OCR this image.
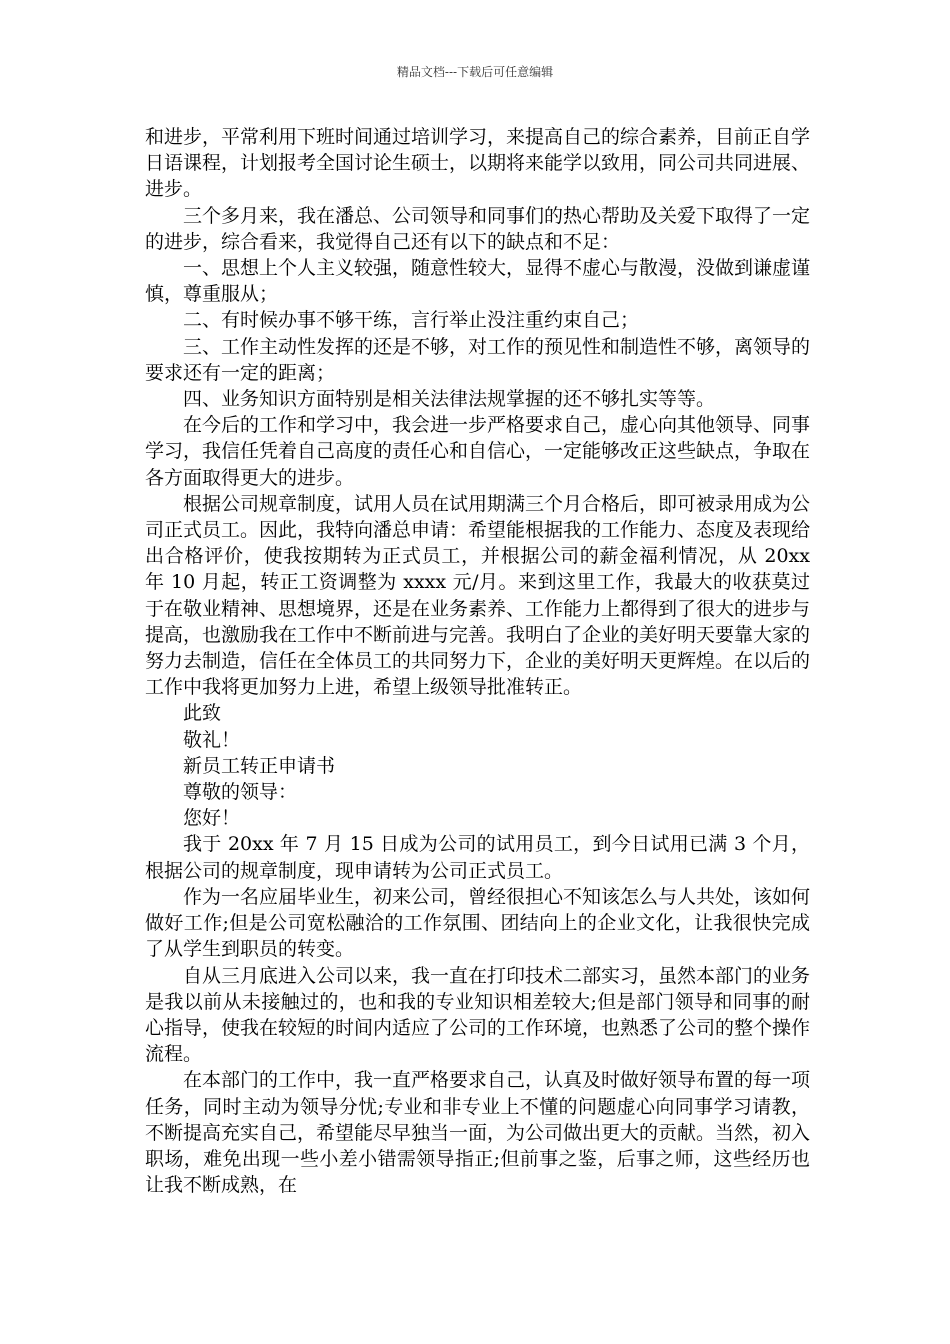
精品文档---下载后可任意编辑

和进步，平常利用下班时间通过培训学习，来提高自己的综合素养，目前正自学日语课程，计划报考全国讨论生硕士，以期将来能学以致用，同公司共同进展、进步。

三个多月来，我在潘总、公司领导和同事们的热心帮助及关爱下取得了一定的进步，综合看来，我觉得自己还有以下的缺点和不足：

一、思想上个人主义较强，随意性较大，显得不虚心与散漫，没做到谦虚谨慎，尊重服从；

二、有时候办事不够干练，言行举止没注重约束自己；

三、工作主动性发挥的还是不够，对工作的预见性和制造性不够，离领导的要求还有一定的距离；

四、业务知识方面特别是相关法律法规掌握的还不够扎实等等。

在今后的工作和学习中，我会进一步严格要求自己，虚心向其他领导、同事学习，我信任凭着自己高度的责任心和自信心，一定能够改正这些缺点，争取在各方面取得更大的进步。

根据公司规章制度，试用人员在试用期满三个月合格后，即可被录用成为公司正式员工。因此，我特向潘总申请：希望能根据我的工作能力、态度及表现给出合格评价，使我按期转为正式员工，并根据公司的薪金福利情况，从 20xx 年 10 月起，转正工资调整为 xxxx 元/月。来到这里工作，我最大的收获莫过于在敬业精神、思想境界，还是在业务素养、工作能力上都得到了很大的进步与提高，也激励我在工作中不断前进与完善。我明白了企业的美好明天要靠大家的努力去制造，信任在全体员工的共同努力下，企业的美好明天更辉煌。在以后的工作中我将更加努力上进，希望上级领导批准转正。

此致

敬礼！

新员工转正申请书

尊敬的领导：

您好！

我于 20xx 年 7 月 15 日成为公司的试用员工，到今日试用已满 3 个月，根据公司的规章制度，现申请转为公司正式员工。

作为一名应届毕业生，初来公司，曾经很担心不知该怎么与人共处，该如何做好工作;但是公司宽松融洽的工作氛围、团结向上的企业文化，让我很快完成了从学生到职员的转变。

自从三月底进入公司以来，我一直在打印技术二部实习，虽然本部门的业务是我以前从未接触过的，也和我的专业知识相差较大;但是部门领导和同事的耐心指导，使我在较短的时间内适应了公司的工作环境，也熟悉了公司的整个操作流程。

在本部门的工作中，我一直严格要求自己，认真及时做好领导布置的每一项任务，同时主动为领导分忧;专业和非专业上不懂的问题虚心向同事学习请教，不断提高充实自己，希望能尽早独当一面，为公司做出更大的贡献。当然，初入职场，难免出现一些小差小错需领导指正;但前事之鉴，后事之师，这些经历也让我不断成熟，在
